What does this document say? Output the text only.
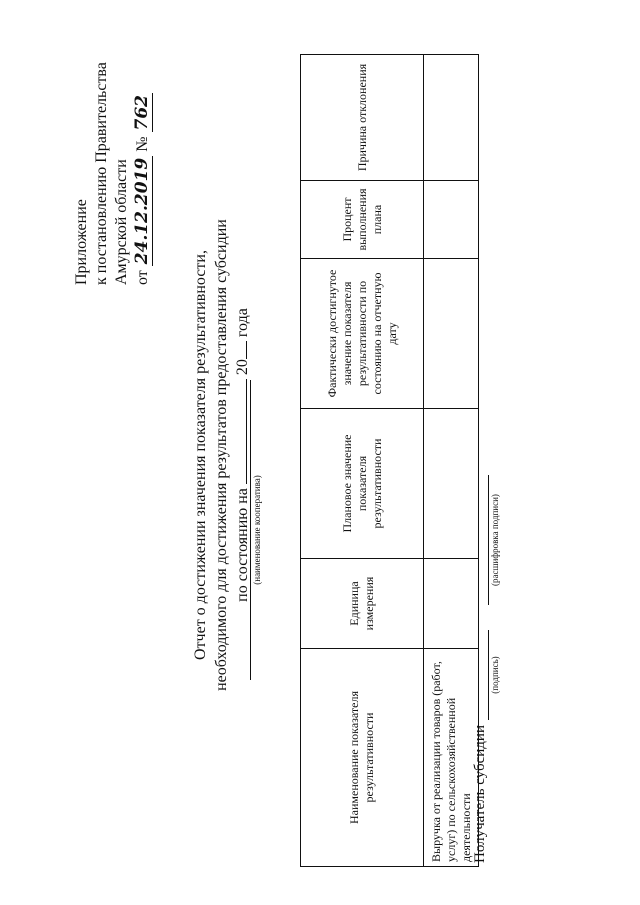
Приложение к постановлению Правительства Амурской области от 24.12.2019 № 762
Отчет о достижении значения показателя результативности, необходимого для достижения результатов предоставления субсидии по состоянию на  20 года
(наименование кооператива)
Наименование показателя результативности	Единица измерения	Плановое значение показателя результативности	Фактически достигнутое значение показателя результативности по состоянию на отчетную дату	Процент выполнения плана	Причина отклонения
Выручка от реализации товаров (работ, услуг) по сельскохозяйственной деятельности					Получатель субсидии
(подпись)
(расшифровка подписи)
